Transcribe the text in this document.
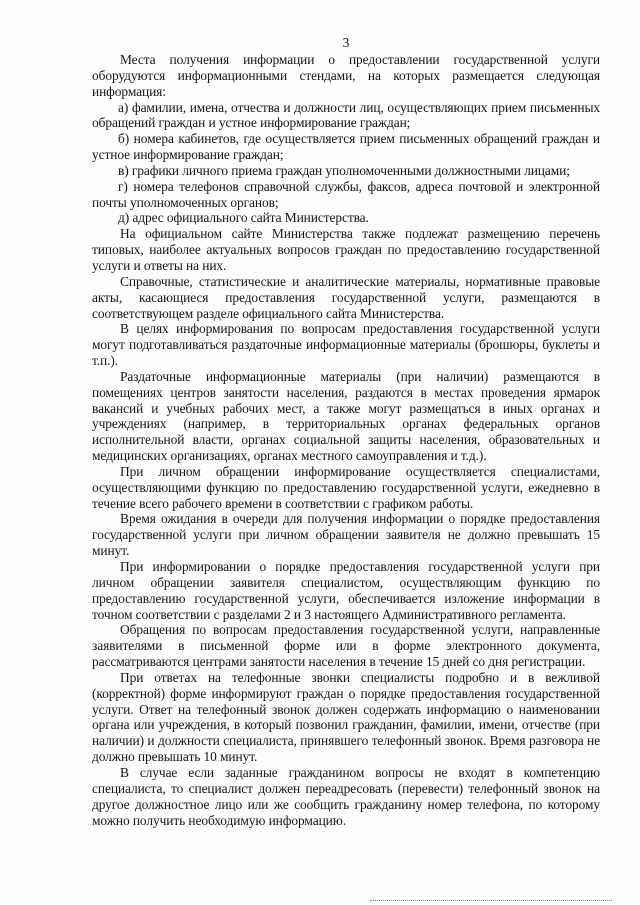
3

Места получения информации о предоставлении государственной услуги оборудуются информационными стендами, на которых размещается следующая информация:

а) фамилии, имена, отчества и должности лиц, осуществляющих прием письменных обращений граждан и устное информирование граждан;

б) номера кабинетов, где осуществляется прием письменных обращений граждан и устное информирование граждан;

в) графики личного приема граждан уполномоченными должностными лицами;

г) номера телефонов справочной службы, факсов, адреса почтовой и электронной почты уполномоченных органов;

д) адрес официального сайта Министерства.

На официальном сайте Министерства также подлежат размещению перечень типовых, наиболее актуальных вопросов граждан по предоставлению государственной услуги и ответы на них.

Справочные, статистические и аналитические материалы, нормативные правовые акты, касающиеся предоставления государственной услуги, размещаются в соответствующем разделе официального сайта Министерства.

В целях информирования по вопросам предоставления государственной услуги могут подготавливаться раздаточные информационные материалы (брошюры, буклеты и т.п.).

Раздаточные информационные материалы (при наличии) размещаются в помещениях центров занятости населения, раздаются в местах проведения ярмарок вакансий и учебных рабочих мест, а также могут размещаться в иных органах и учреждениях (например, в территориальных органах федеральных органов исполнительной власти, органах социальной защиты населения, образовательных и медицинских организациях, органах местного самоуправления и т.д.).

При личном обращении информирование осуществляется специалистами, осуществляющими функцию по предоставлению государственной услуги, ежедневно в течение всего рабочего времени в соответствии с графиком работы.

Время ожидания в очереди для получения информации о порядке предоставления государственной услуги при личном обращении заявителя не должно превышать 15 минут.

При информировании о порядке предоставления государственной услуги при личном обращении заявителя специалистом, осуществляющим функцию по предоставлению государственной услуги, обеспечивается изложение информации в точном соответствии с разделами 2 и 3 настоящего Административного регламента.

Обращения по вопросам предоставления государственной услуги, направленные заявителями в письменной форме или в форме электронного документа, рассматриваются центрами занятости населения в течение 15 дней со дня регистрации.

При ответах на телефонные звонки специалисты подробно и в вежливой (корректной) форме информируют граждан о порядке предоставления государственной услуги. Ответ на телефонный звонок должен содержать информацию о наименовании органа или учреждения, в который позвонил гражданин, фамилии, имени, отчестве (при наличии) и должности специалиста, принявшего телефонный звонок. Время разговора не должно превышать 10 минут.

В случае если заданные гражданином вопросы не входят в компетенцию специалиста, то специалист должен переадресовать (перевести) телефонный звонок на другое должностное лицо или же сообщить гражданину номер телефона, по которому можно получить необходимую информацию.
